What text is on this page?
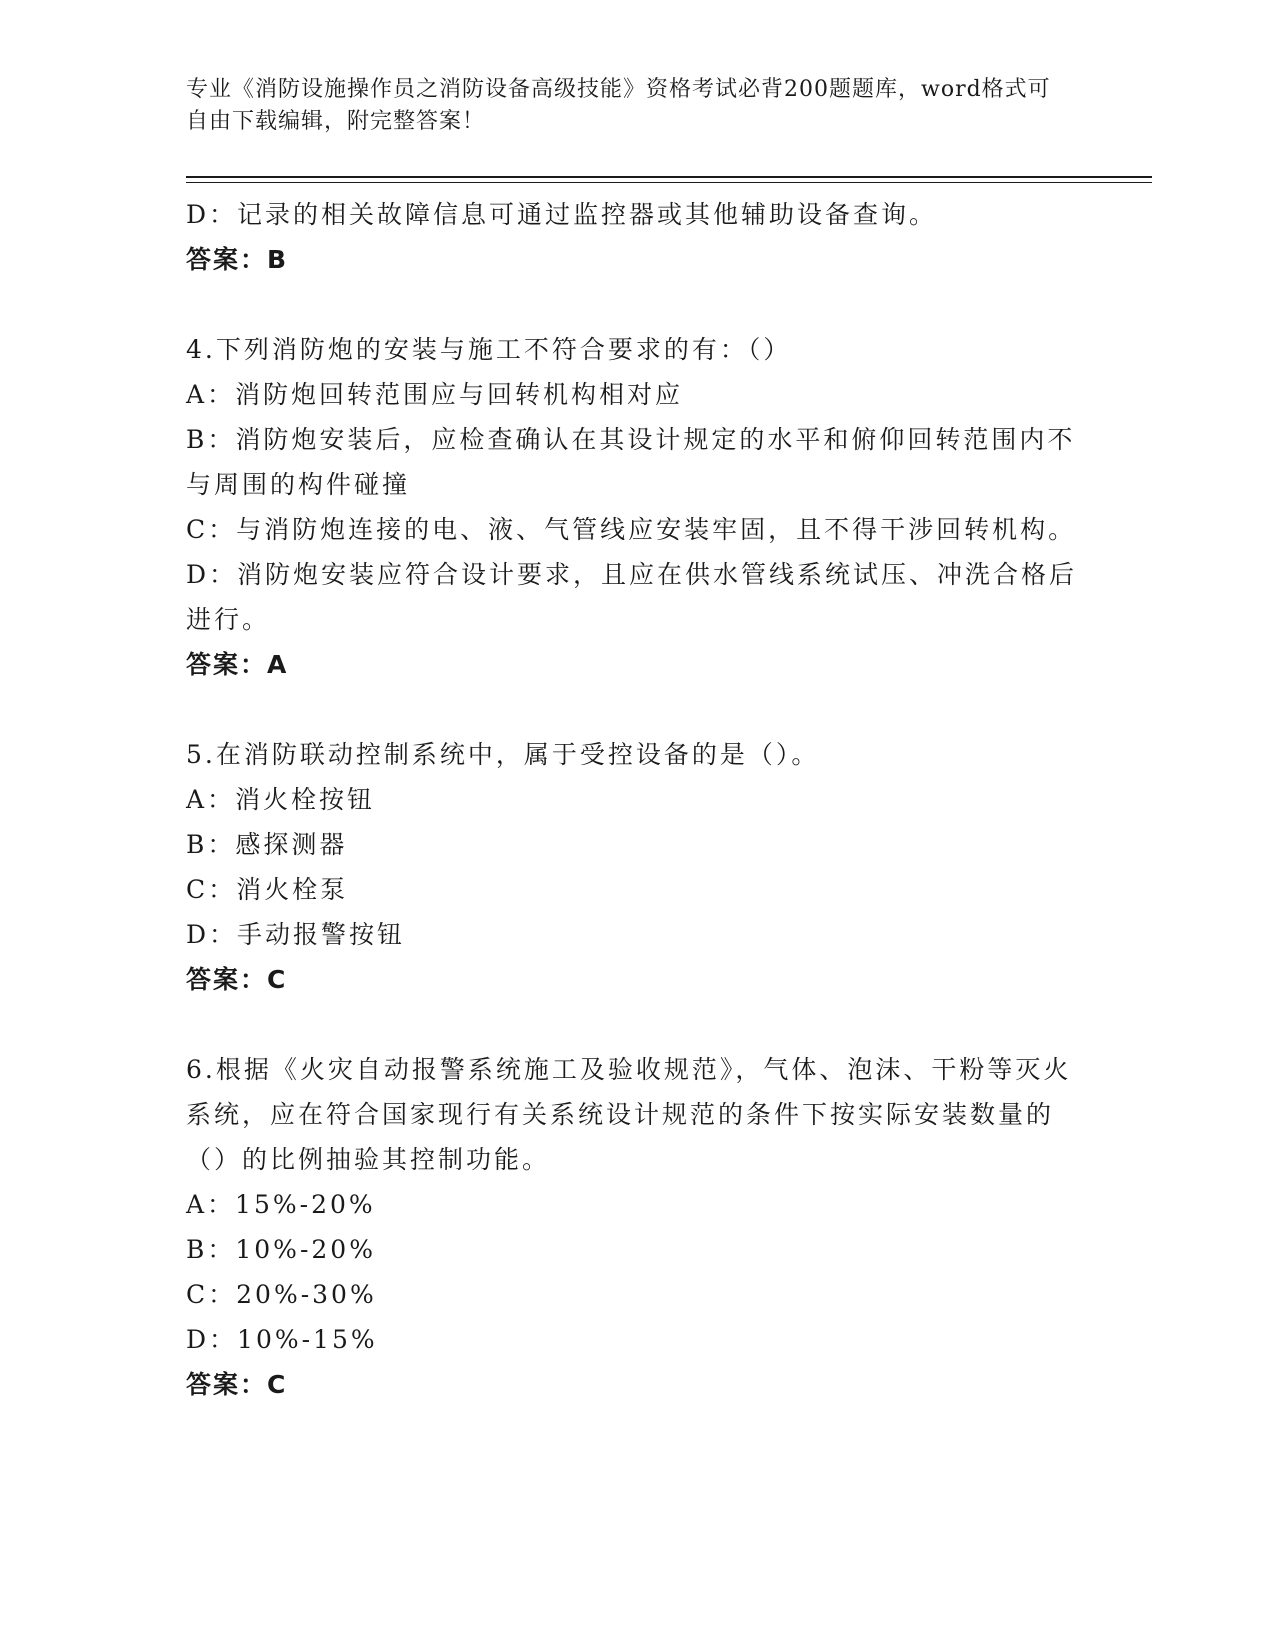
专业《消防设施操作员之消防设备高级技能》资格考试必背200题题库，word格式可自由下载编辑，附完整答案！

D：记录的相关故障信息可通过监控器或其他辅助设备查询。

答案：B

4.下列消防炮的安装与施工不符合要求的有：（）

A：消防炮回转范围应与回转机构相对应

B：消防炮安装后，应检查确认在其设计规定的水平和俯仰回转范围内不与周围的构件碰撞

C：与消防炮连接的电、液、气管线应安装牢固，且不得干涉回转机构。

D：消防炮安装应符合设计要求，且应在供水管线系统试压、冲洗合格后进行。

答案：A

5.在消防联动控制系统中，属于受控设备的是（）。

A：消火栓按钮

B：感探测器

C：消火栓泵

D：手动报警按钮

答案：C

6.根据《火灾自动报警系统施工及验收规范》，气体、泡沫、干粉等灭火系统，应在符合国家现行有关系统设计规范的条件下按实际安装数量的（）的比例抽验其控制功能。

A：15%-20%

B：10%-20%

C：20%-30%

D：10%-15%

答案：C
